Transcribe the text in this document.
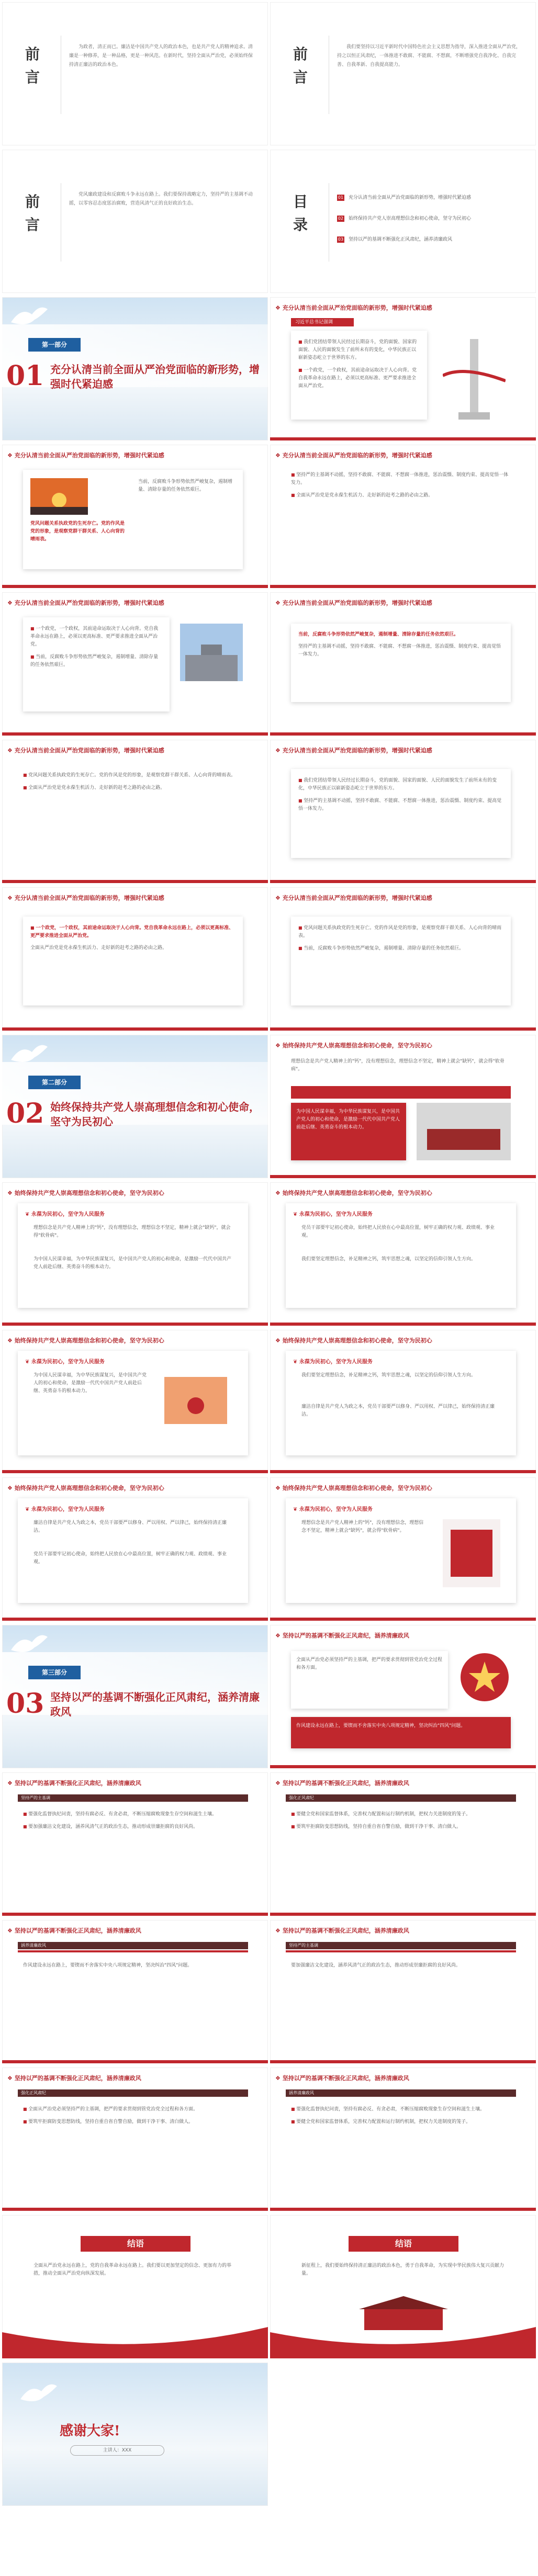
前
言
为政者，清正而已。廉洁是中国共产党人的政治本色，也是共产党人的精神追求。清廉是一种修养，是一种品格，更是一种风范。在新时代，坚持全面从严治党，必须始终保持清正廉洁的政治本色。
前
言
我们要坚持以习近平新时代中国特色社会主义思想为指导，深入推进全面从严治党，持之以恒正风肃纪，一体推进不敢腐、不能腐、不想腐，不断增强党自我净化、自我完善、自我革新、自我提高能力。
前
言
党风廉政建设和反腐败斗争永远在路上。我们要保持战略定力，坚持严的主基调不动摇，以零容忍态度惩治腐败，营造风清气正的良好政治生态。	目
录
01 充分认清当前全面从严治党面临的新形势，增强时代紧迫感
02 始终保持共产党人崇高理想信念和初心使命，坚守为民初心
03 坚持以严的基调不断强化正风肃纪，涵养清廉政风
第一部分
01 充分认清当前全面从严治党面临的新形势，增强时代紧迫感
❖ 充分认清当前全面从严治党面临的新形势，增强时代紧迫感
习近平总书记强调
■ 我们党团结带领人民经过长期奋斗，党的面貌、国家的面貌、人民的面貌发生了前所未有的变化，中华民族正以崭新姿态屹立于世界的东方。
■ 一个政党，一个政权，其前途命运取决于人心向背。党自我革命永远在路上，必须以更高标准、更严要求推进全面从严治党。
❖ 充分认清当前全面从严治党面临的新形势，增强时代紧迫感
党风问题关系执政党的生死存亡。党的作风是党的形象，是观察党群干群关系、人心向背的晴雨表。
当前，反腐败斗争形势依然严峻复杂，遏制增量、清除存量的任务依然艰巨。
❖ 充分认清当前全面从严治党面临的新形势，增强时代紧迫感
■ 坚持严的主基调不动摇，坚持不敢腐、不能腐、不想腐一体推进，惩治震慑、制度约束、提高觉悟一体发力。
■ 全面从严治党是党永葆生机活力、走好新的赶考之路的必由之路。
❖ 充分认清当前全面从严治党面临的新形势，增强时代紧迫感
■ 一个政党，一个政权，其前途命运取决于人心向背。党自我革命永远在路上，必须以更高标准、更严要求推进全面从严治党。
■ 当前，反腐败斗争形势依然严峻复杂，遏制增量、清除存量的任务依然艰巨。
❖ 充分认清当前全面从严治党面临的新形势，增强时代紧迫感
当前，反腐败斗争形势依然严峻复杂，遏制增量、清除存量的任务依然艰巨。
坚持严的主基调不动摇，坚持不敢腐、不能腐、不想腐一体推进，惩治震慑、制度约束、提高觉悟一体发力。
❖ 充分认清当前全面从严治党面临的新形势，增强时代紧迫感
■ 党风问题关系执政党的生死存亡。党的作风是党的形象，是观察党群干群关系、人心向背的晴雨表。
■ 全面从严治党是党永葆生机活力、走好新的赶考之路的必由之路。
❖ 充分认清当前全面从严治党面临的新形势，增强时代紧迫感
■ 我们党团结带领人民经过长期奋斗，党的面貌、国家的面貌、人民的面貌发生了前所未有的变化，中华民族正以崭新姿态屹立于世界的东方。
■ 坚持严的主基调不动摇，坚持不敢腐、不能腐、不想腐一体推进，惩治震慑、制度约束、提高觉悟一体发力。
❖ 充分认清当前全面从严治党面临的新形势，增强时代紧迫感
■ 一个政党，一个政权，其前途命运取决于人心向背。党自我革命永远在路上，必须以更高标准、更严要求推进全面从严治党。
全面从严治党是党永葆生机活力、走好新的赶考之路的必由之路。
❖ 充分认清当前全面从严治党面临的新形势，增强时代紧迫感
■ 党风问题关系执政党的生死存亡。党的作风是党的形象，是观察党群干群关系、人心向背的晴雨表。
■ 当前，反腐败斗争形势依然严峻复杂，遏制增量、清除存量的任务依然艰巨。
第二部分
02 始终保持共产党人崇高理想信念和初心使命，坚守为民初心
❖ 始终保持共产党人崇高理想信念和初心使命，坚守为民初心
理想信念是共产党人精神上的"钙"，没有理想信念，理想信念不坚定，精神上就会"缺钙"，就会得"软骨病"。
为中国人民谋幸福，为中华民族谋复兴，是中国共产党人的初心和使命，是激励一代代中国共产党人前赴后继、英勇奋斗的根本动力。
❖ 始终保持共产党人崇高理想信念和初心使命，坚守为民初心
❦ 永葆为民初心，坚守为人民服务
理想信念是共产党人精神上的"钙"，没有理想信念，理想信念不坚定，精神上就会"缺钙"，就会得"软骨病"。
为中国人民谋幸福，为中华民族谋复兴，是中国共产党人的初心和使命，是激励一代代中国共产党人前赴后继、英勇奋斗的根本动力。
❖ 始终保持共产党人崇高理想信念和初心使命，坚守为民初心
❦ 永葆为民初心，坚守为人民服务
党员干部要牢记初心使命，始终把人民放在心中最高位置，树牢正确的权力观、政绩观、事业观。
我们要坚定理想信念，补足精神之钙，筑牢思想之魂，以坚定的信仰引领人生方向。
❖ 始终保持共产党人崇高理想信念和初心使命，坚守为民初心
❦ 永葆为民初心，坚守为人民服务
为中国人民谋幸福，为中华民族谋复兴，是中国共产党人的初心和使命，是激励一代代中国共产党人前赴后继、英勇奋斗的根本动力。
❖ 始终保持共产党人崇高理想信念和初心使命，坚守为民初心
❦ 永葆为民初心，坚守为人民服务
我们要坚定理想信念，补足精神之钙，筑牢思想之魂，以坚定的信仰引领人生方向。
廉洁自律是共产党人为政之本，党员干部要严以修身、严以用权、严以律己，始终保持清正廉洁。
❖ 始终保持共产党人崇高理想信念和初心使命，坚守为民初心
❦ 永葆为民初心，坚守为人民服务
廉洁自律是共产党人为政之本，党员干部要严以修身、严以用权、严以律己，始终保持清正廉洁。
党员干部要牢记初心使命，始终把人民放在心中最高位置，树牢正确的权力观、政绩观、事业观。
❖ 始终保持共产党人崇高理想信念和初心使命，坚守为民初心
❦ 永葆为民初心，坚守为人民服务
理想信念是共产党人精神上的"钙"，没有理想信念，理想信念不坚定，精神上就会"缺钙"，就会得"软骨病"。
第三部分
03 坚持以严的基调不断强化正风肃纪，涵养清廉政风
❖ 坚持以严的基调不断强化正风肃纪，涵养清廉政风
全面从严治党必须坚持严的主基调，把严的要求贯彻到管党治党全过程和各方面。
作风建设永远在路上，要锲而不舍落实中央八项规定精神，坚决纠治"四风"问题。
❖ 坚持以严的基调不断强化正风肃纪，涵养清廉政风
坚持严的主基调
■ 要强化监督执纪问责，坚持有腐必反、有贪必肃，不断压缩腐败现象生存空间和滋生土壤。
■ 要加强廉洁文化建设，涵养风清气正的政治生态，推动形成崇廉拒腐的良好风尚。
❖ 坚持以严的基调不断强化正风肃纪，涵养清廉政风
强化正风肃纪
■ 要健全党和国家监督体系，完善权力配置和运行制约机制，把权力关进制度的笼子。
■ 要筑牢拒腐防变思想防线，坚持自重自省自警自励，做到干净干事、清白做人。
❖ 坚持以严的基调不断强化正风肃纪，涵养清廉政风
涵养清廉政风
作风建设永远在路上，要锲而不舍落实中央八项规定精神，坚决纠治"四风"问题。
❖ 坚持以严的基调不断强化正风肃纪，涵养清廉政风
坚持严的主基调
要加强廉洁文化建设，涵养风清气正的政治生态，推动形成崇廉拒腐的良好风尚。
❖ 坚持以严的基调不断强化正风肃纪，涵养清廉政风
强化正风肃纪
■ 全面从严治党必须坚持严的主基调，把严的要求贯彻到管党治党全过程和各方面。
■ 要筑牢拒腐防变思想防线，坚持自重自省自警自励，做到干净干事、清白做人。
❖ 坚持以严的基调不断强化正风肃纪，涵养清廉政风
涵养清廉政风
■ 要强化监督执纪问责，坚持有腐必反、有贪必肃，不断压缩腐败现象生存空间和滋生土壤。
■ 要健全党和国家监督体系，完善权力配置和运行制约机制，把权力关进制度的笼子。
结语
全面从严治党永远在路上，党的自我革命永远在路上。我们要以更加坚定的信念、更加有力的举措，推动全面从严治党向纵深发展。
结语
新征程上，我们要始终保持清正廉洁的政治本色，勇于自我革命，为实现中华民族伟大复兴贡献力量。
感谢大家!
主讲人：XXX
